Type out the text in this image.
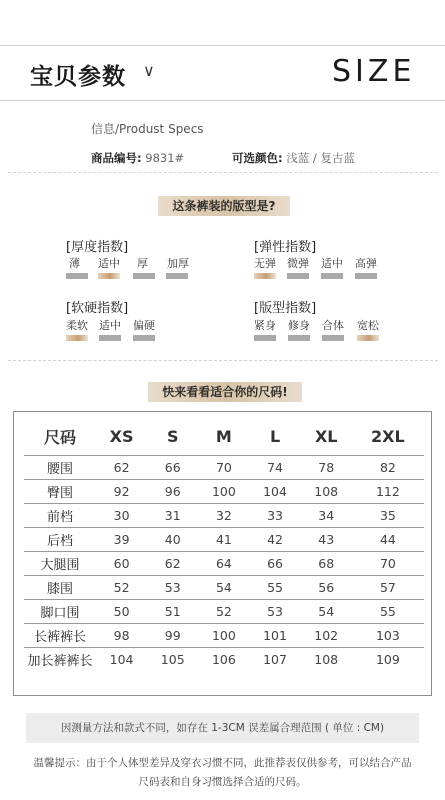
宝贝参数 ∨	SIZE
信息/Produst Specs
商品编号: 9831#	可选颜色: 浅蓝 / 复古蓝
这条裤装的版型是?
[厚度指数]
薄 适中 厚 加厚
[弹性指数]
无弹 微弹 适中 高弹
[软硬指数]
柔软 适中 偏硬
[版型指数]
紧身 修身 合体 宽松
快来看看适合你的尺码!
尺码	XS	S	M	L	XL	2XL
腰围	62	66	70	74	78	82
臀围	92	96	100	104	108	112
前档	30	31	32	33	34	35
后档	39	40	41	42	43	44
大腿围	60	62	64	66	68	70
膝围	52	53	54	55	56	57
脚口围	50	51	52	53	54	55
长裤裤长	98	99	100	101	102	103
加长裤裤长	104	105	106	107	108	109
因测量方法和款式不同，如存在 1-3CM 误差属合理范围 ( 单位 : CM)
温馨提示：由于个人体型差异及穿衣习惯不同，此推荐表仅供参考，可以结合产品
尺码表和自身习惯选择合适的尺码。
